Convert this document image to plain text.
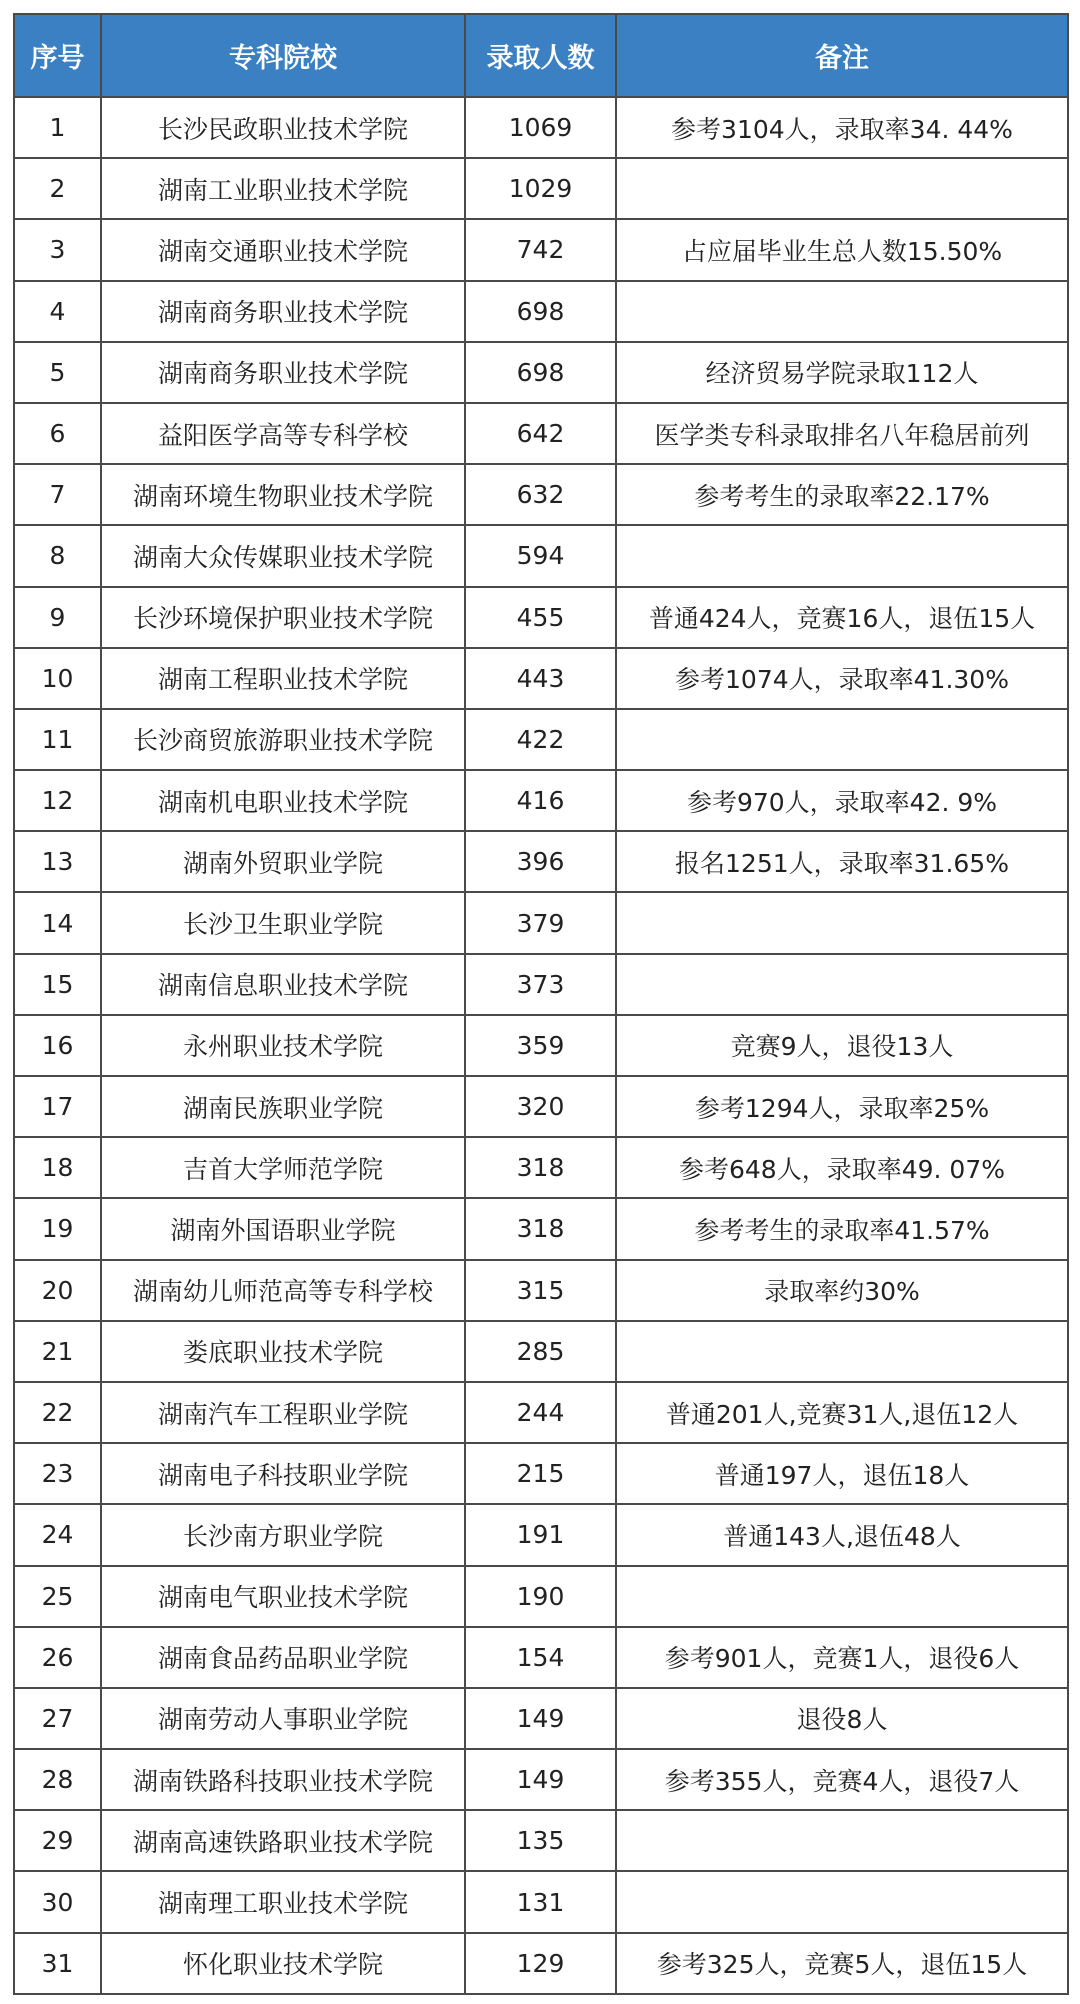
序号	专科院校	录取人数	备注
1	长沙民政职业技术学院	1069	参考3104人，录取率34. 44%
2	湖南工业职业技术学院	1029	
3	湖南交通职业技术学院	742	占应届毕业生总人数15.50%
4	湖南商务职业技术学院	698	
5	湖南商务职业技术学院	698	经济贸易学院录取112人
6	益阳医学高等专科学校	642	医学类专科录取排名八年稳居前列
7	湖南环境生物职业技术学院	632	参考考生的录取率22.17%
8	湖南大众传媒职业技术学院	594	
9	长沙环境保护职业技术学院	455	普通424人，竞赛16人，退伍15人
10	湖南工程职业技术学院	443	参考1074人，录取率41.30%
11	长沙商贸旅游职业技术学院	422	
12	湖南机电职业技术学院	416	参考970人，录取率42. 9%
13	湖南外贸职业学院	396	报名1251人，录取率31.65%
14	长沙卫生职业学院	379	
15	湖南信息职业技术学院	373	
16	永州职业技术学院	359	竞赛9人，退役13人
17	湖南民族职业学院	320	参考1294人，录取率25%
18	吉首大学师范学院	318	参考648人，录取率49. 07%
19	湖南外国语职业学院	318	参考考生的录取率41.57%
20	湖南幼儿师范高等专科学校	315	录取率约30%
21	娄底职业技术学院	285	
22	湖南汽车工程职业学院	244	普通201人,竞赛31人,退伍12人
23	湖南电子科技职业学院	215	普通197人，退伍18人
24	长沙南方职业学院	191	普通143人,退伍48人
25	湖南电气职业技术学院	190	
26	湖南食品药品职业学院	154	参考901人，竞赛1人，退役6人
27	湖南劳动人事职业学院	149	退役8人
28	湖南铁路科技职业技术学院	149	参考355人，竞赛4人，退役7人
29	湖南高速铁路职业技术学院	135	
30	湖南理工职业技术学院	131	
31	怀化职业技术学院	129	参考325人，竞赛5人，退伍15人
